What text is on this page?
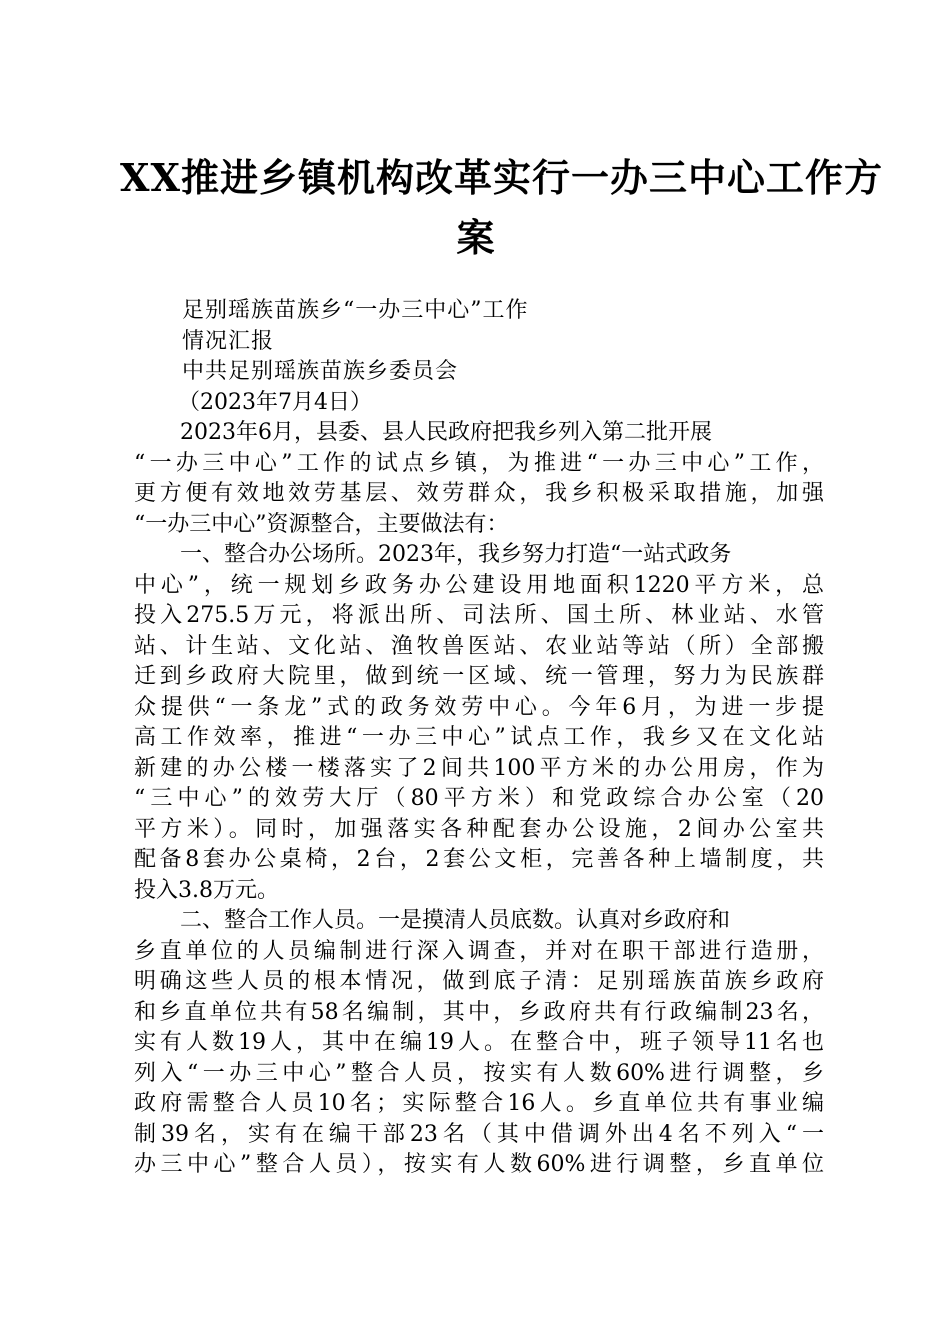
XX推进乡镇机构改革实行一办三中心工作方
案
足别瑶族苗族乡“一办三中心”工作
情况汇报
中共足别瑶族苗族乡委员会
（2023年7月4日）
2023年6月，县委、县人民政府把我乡列入第二批开展
“一办三中心”工作的试点乡镇，为推进“一办三中心”工作，
更方便有效地效劳基层、效劳群众，我乡积极采取措施，加强
“一办三中心”资源整合，主要做法有：
一、整合办公场所。2023年，我乡努力打造“一站式政务
中心”，统一规划乡政务办公建设用地面积1220平方米，总
投入275.5万元，将派出所、司法所、国土所、林业站、水管
站、计生站、文化站、渔牧兽医站、农业站等站（所）全部搬
迁到乡政府大院里，做到统一区域、统一管理，努力为民族群
众提供“一条龙”式的政务效劳中心。今年6月，为进一步提
高工作效率，推进“一办三中心”试点工作，我乡又在文化站
新建的办公楼一楼落实了2间共100平方米的办公用房，作为
“三中心”的效劳大厅（80平方米）和党政综合办公室（20
平方米）。同时，加强落实各种配套办公设施，2间办公室共
配备8套办公桌椅，2台，2套公文柜，完善各种上墙制度，共
投入3.8万元。
二、整合工作人员。一是摸清人员底数。认真对乡政府和
乡直单位的人员编制进行深入调查，并对在职干部进行造册，
明确这些人员的根本情况，做到底子清：足别瑶族苗族乡政府
和乡直单位共有58名编制，其中，乡政府共有行政编制23名，
实有人数19人，其中在编19人。在整合中，班子领导11名也
列入“一办三中心”整合人员，按实有人数60%进行调整，乡
政府需整合人员10名；实际整合16人。乡直单位共有事业编
制39名，实有在编干部23名（其中借调外出4名不列入“一
办三中心”整合人员），按实有人数60%进行调整，乡直单位
